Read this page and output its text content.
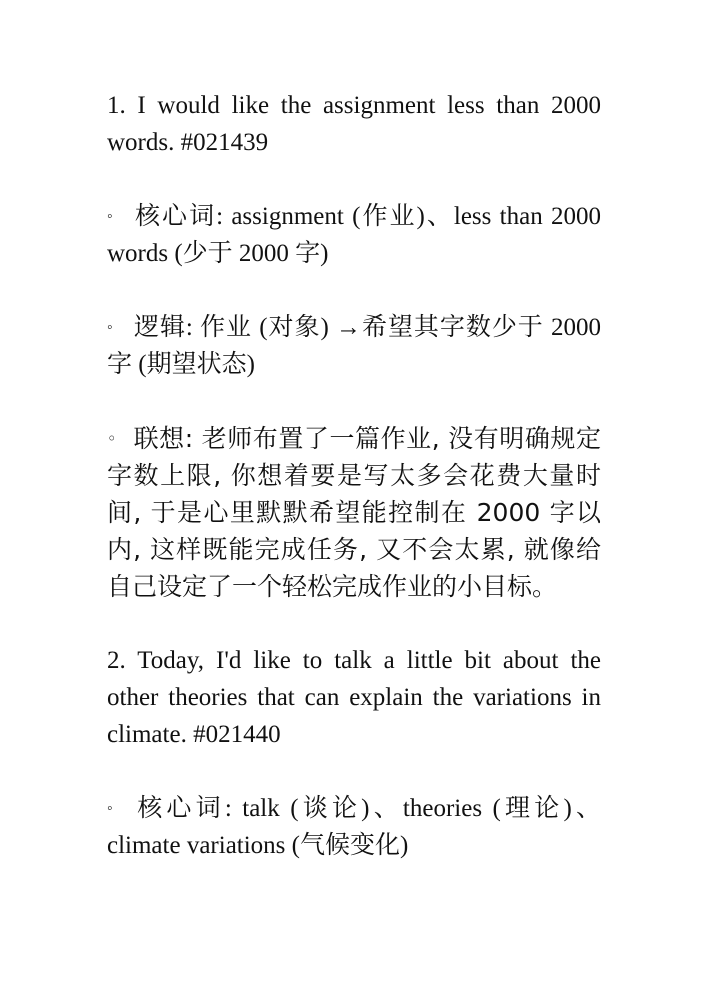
1. I would like the assignment less than 2000 words. #021439

◦ 核心词: assignment (作业)、less than 2000 words (少于 2000 字)

◦ 逻辑: 作业 (对象) →希望其字数少于 2000 字 (期望状态)

◦ 联想: 老师布置了一篇作业, 没有明确规定字数上限, 你想着要是写太多会花费大量时间, 于是心里默默希望能控制在 2000 字以内, 这样既能完成任务, 又不会太累, 就像给自己设定了一个轻松完成作业的小目标。

2. Today, I'd like to talk a little bit about the other theories that can explain the variations in climate. #021440

◦ 核心词: talk (谈论)、theories (理论)、climate variations (气候变化)
